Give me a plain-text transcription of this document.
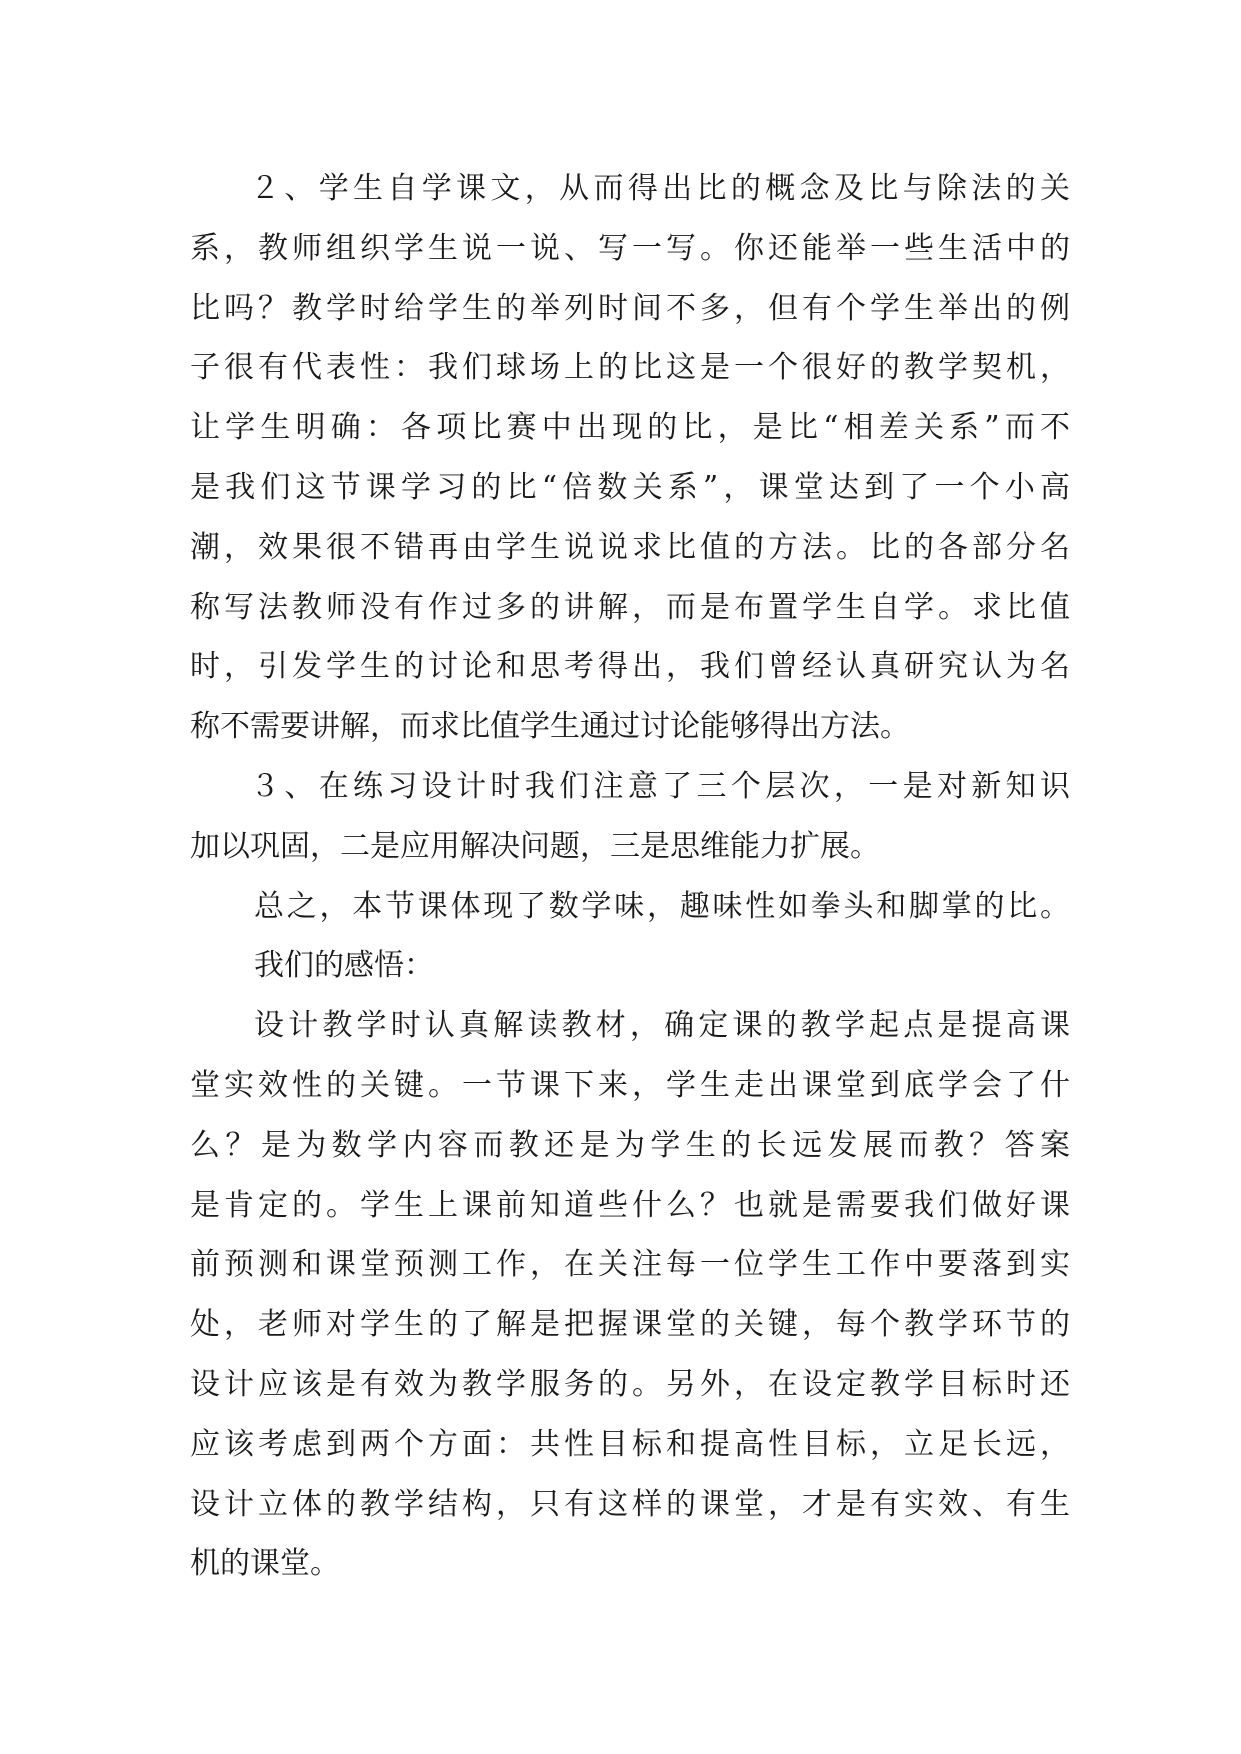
２、学生自学课文，从而得出比的概念及比与除法的关
系，教师组织学生说一说、写一写。你还能举一些生活中的
比吗？教学时给学生的举列时间不多，但有个学生举出的例
子很有代表性：我们球场上的比这是一个很好的教学契机，
让学生明确：各项比赛中出现的比，是比“相差关系”而不
是我们这节课学习的比“倍数关系”，课堂达到了一个小高
潮，效果很不错再由学生说说求比值的方法。比的各部分名
称写法教师没有作过多的讲解，而是布置学生自学。求比值
时，引发学生的讨论和思考得出，我们曾经认真研究认为名
称不需要讲解，而求比值学生通过讨论能够得出方法。
３、在练习设计时我们注意了三个层次，一是对新知识
加以巩固，二是应用解决问题，三是思维能力扩展。
总之，本节课体现了数学味，趣味性如拳头和脚掌的比。
我们的感悟：
设计教学时认真解读教材，确定课的教学起点是提高课
堂实效性的关键。一节课下来，学生走出课堂到底学会了什
么？是为数学内容而教还是为学生的长远发展而教？答案
是肯定的。学生上课前知道些什么？也就是需要我们做好课
前预测和课堂预测工作，在关注每一位学生工作中要落到实
处，老师对学生的了解是把握课堂的关键，每个教学环节的
设计应该是有效为教学服务的。另外，在设定教学目标时还
应该考虑到两个方面：共性目标和提高性目标，立足长远，
设计立体的教学结构，只有这样的课堂，才是有实效、有生
机的课堂。
